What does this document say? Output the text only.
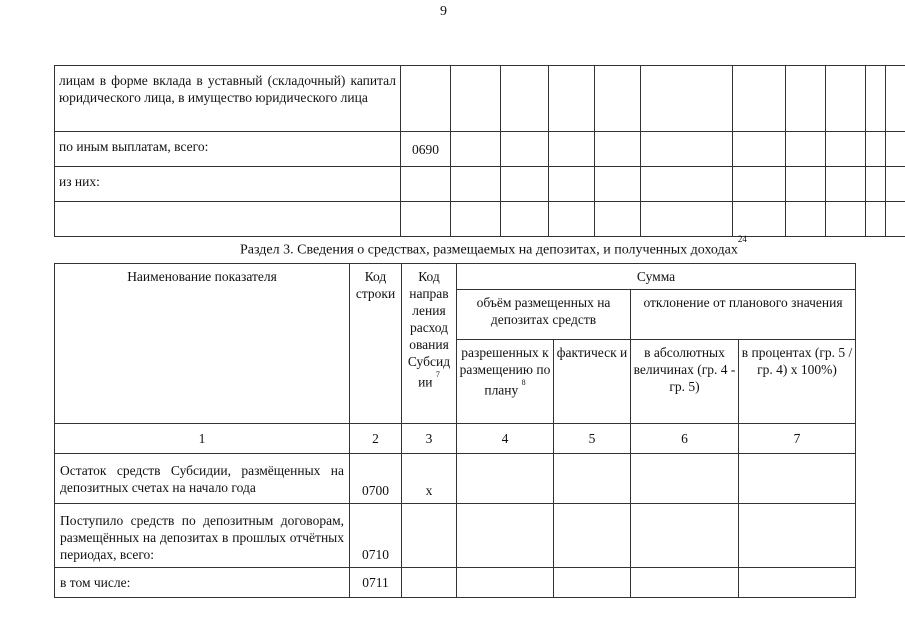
9
лицам в форме вклада в уставный (складочный) капитал юридического лица, в имущество юридического лица											
по иным выплатам, всего:	0690										
из них:											

Раздел 3. Сведения о средствах, размещаемых на депозитах, и полученных доходах$^{24}$
Наименование показателя	Код строки	Код направ ления расход ования Субсид ии $^7$	Сумма			
			объём размещенных на депозитах средств		отклонение от планового значения	
			разрешенных к размещению по плану $^8$	фактическ и	в абсолютных величинах (гр. 4 - гр. 5)	в процентах (гр. 5 / гр. 4) x 100%)
1	2	3	4	5	6	7
Остаток средств Субсидии, размёщенных на депозитных счетах на начало года	0700	x				
Поступило средств по депозитным договорам, размещённых на депозитах в прошлых отчётных периодах, всего:	0710					
в том числе:	0711					
